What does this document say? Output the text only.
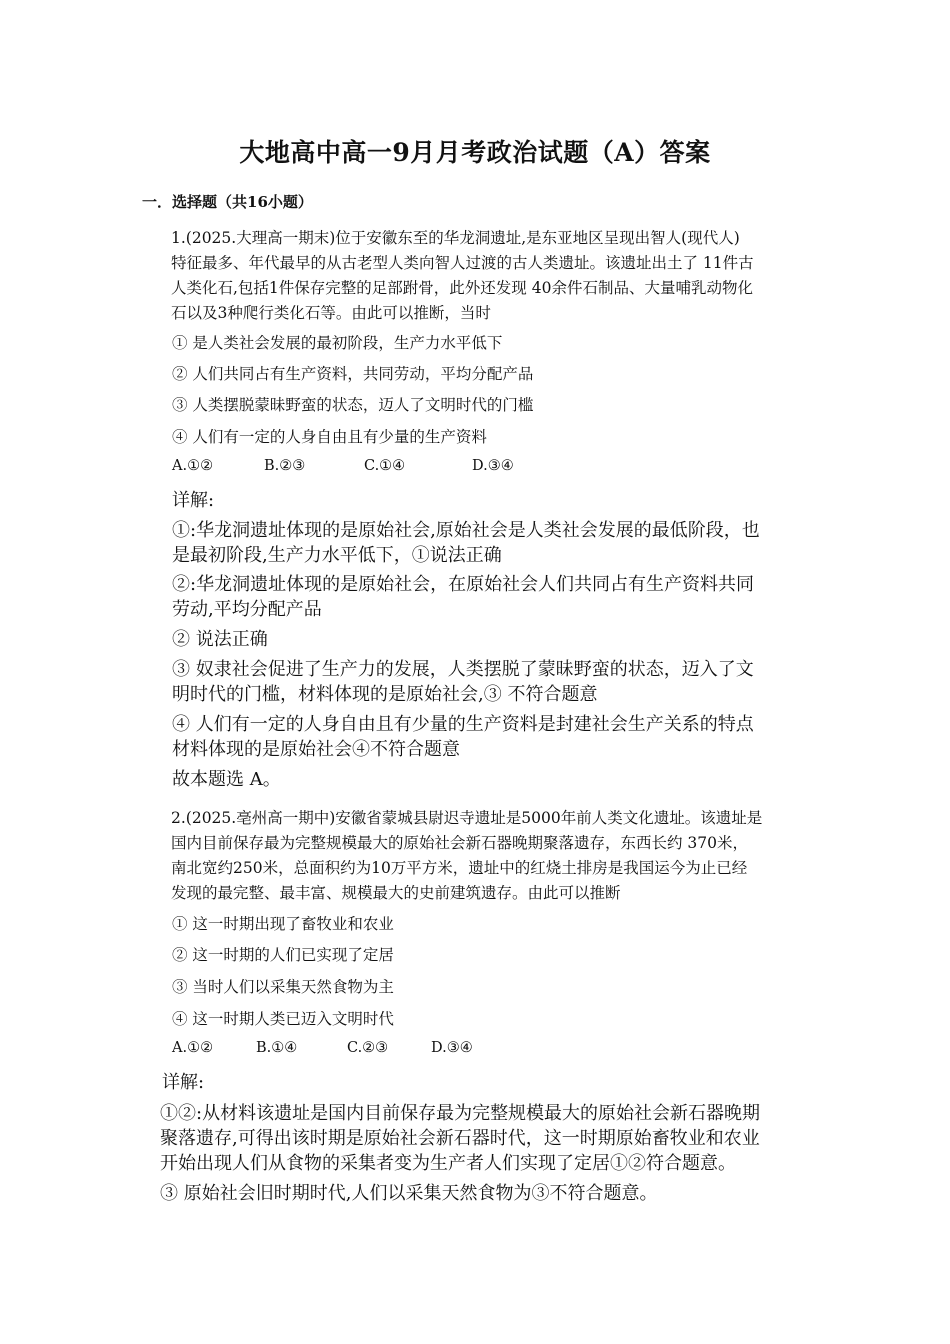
大地高中高一9月月考政治试题（A）答案
一．选择题（共16小题）

1.(2025.大理高一期末)位于安徽东至的华龙洞遗址,是东亚地区呈现出智人(现代人)

特征最多、年代最早的从古老型人类向智人过渡的古人类遗址。该遗址出土了 11件古

人类化石,包括1件保存完整的足部跗骨，此外还发现 40余件石制品、大量哺乳动物化

石以及3种爬行类化石等。由此可以推断，当时

① 是人类社会发展的最初阶段，生产力水平低下

② 人们共同占有生产资料，共同劳动，平均分配产品

③ 人类摆脱蒙昧野蛮的状态，迈人了文明时代的门槛

④ 人们有一定的人身自由且有少量的生产资料

A.①②	B.②③	C.①④	D.③④
详解:

①:华龙洞遗址体现的是原始社会,原始社会是人类社会发展的最低阶段，也

是最初阶段,生产力水平低下，①说法正确

②:华龙洞遗址体现的是原始社会，在原始社会人们共同占有生产资料共同

劳动,平均分配产品

② 说法正确

③ 奴隶社会促进了生产力的发展，人类摆脱了蒙昧野蛮的状态，迈入了文

明时代的门槛，材料体现的是原始社会,③ 不符合题意

④ 人们有一定的人身自由且有少量的生产资料是封建社会生产关系的特点

材料体现的是原始社会④不符合题意

故本题选 A。

2.(2025.亳州高一期中)安徽省蒙城县尉迟寺遗址是5000年前人类文化遗址。该遗址是

国内目前保存最为完整规模最大的原始社会新石器晚期聚落遗存，东西长约 370米，

南北宽约250米，总面积约为10万平方米，遗址中的红烧土排房是我国运今为止已经

发现的最完整、最丰富、规模最大的史前建筑遗存。由此可以推断

① 这一时期出现了畜牧业和农业

② 这一时期的人们已实现了定居

③ 当时人们以采集天然食物为主

④ 这一时期人类已迈入文明时代

A.①②	B.①④	C.②③	D.③④
详解:

①②:从材料该遗址是国内目前保存最为完整规模最大的原始社会新石器晚期

聚落遗存,可得出该时期是原始社会新石器时代，这一时期原始畜牧业和农业

开始出现人们从食物的采集者变为生产者人们实现了定居①②符合题意。

③ 原始社会旧时期时代,人们以采集天然食物为③不符合题意。
